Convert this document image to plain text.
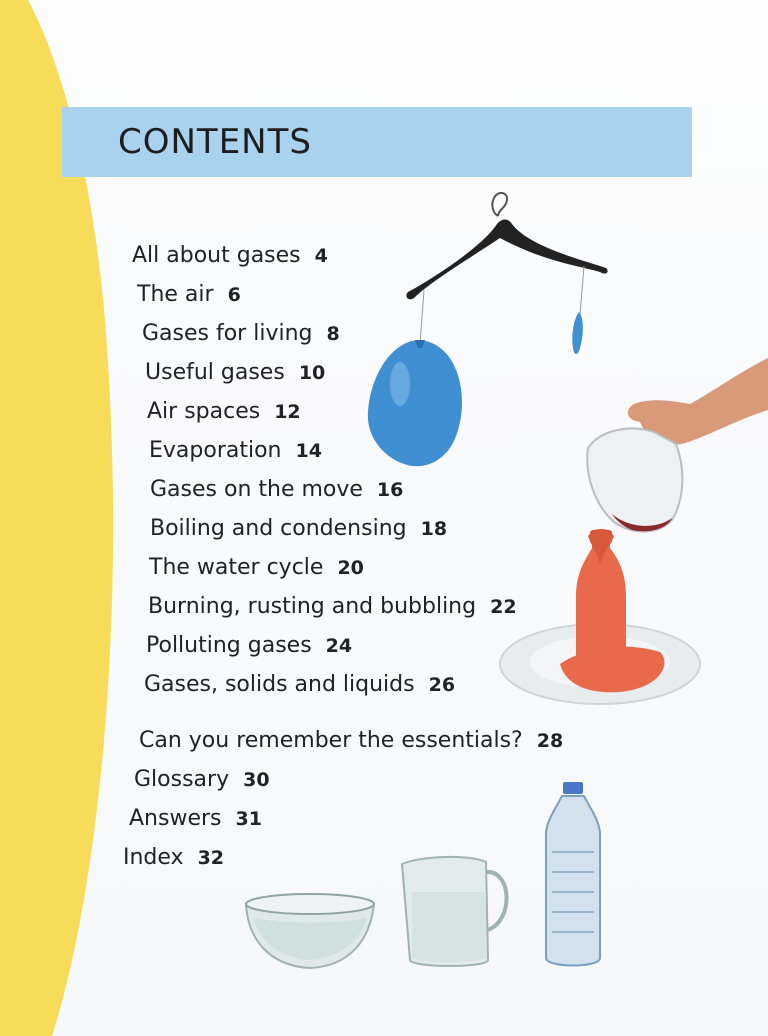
CONTENTS
All about gases 4
The air 6
Gases for living 8
Useful gases 10
Air spaces 12
Evaporation 14
Gases on the move 16
Boiling and condensing 18
The water cycle 20
Burning, rusting and bubbling 22
Polluting gases 24
Gases, solids and liquids 26
Can you remember the essentials? 28
Glossary 30
Answers 31
Index 32
